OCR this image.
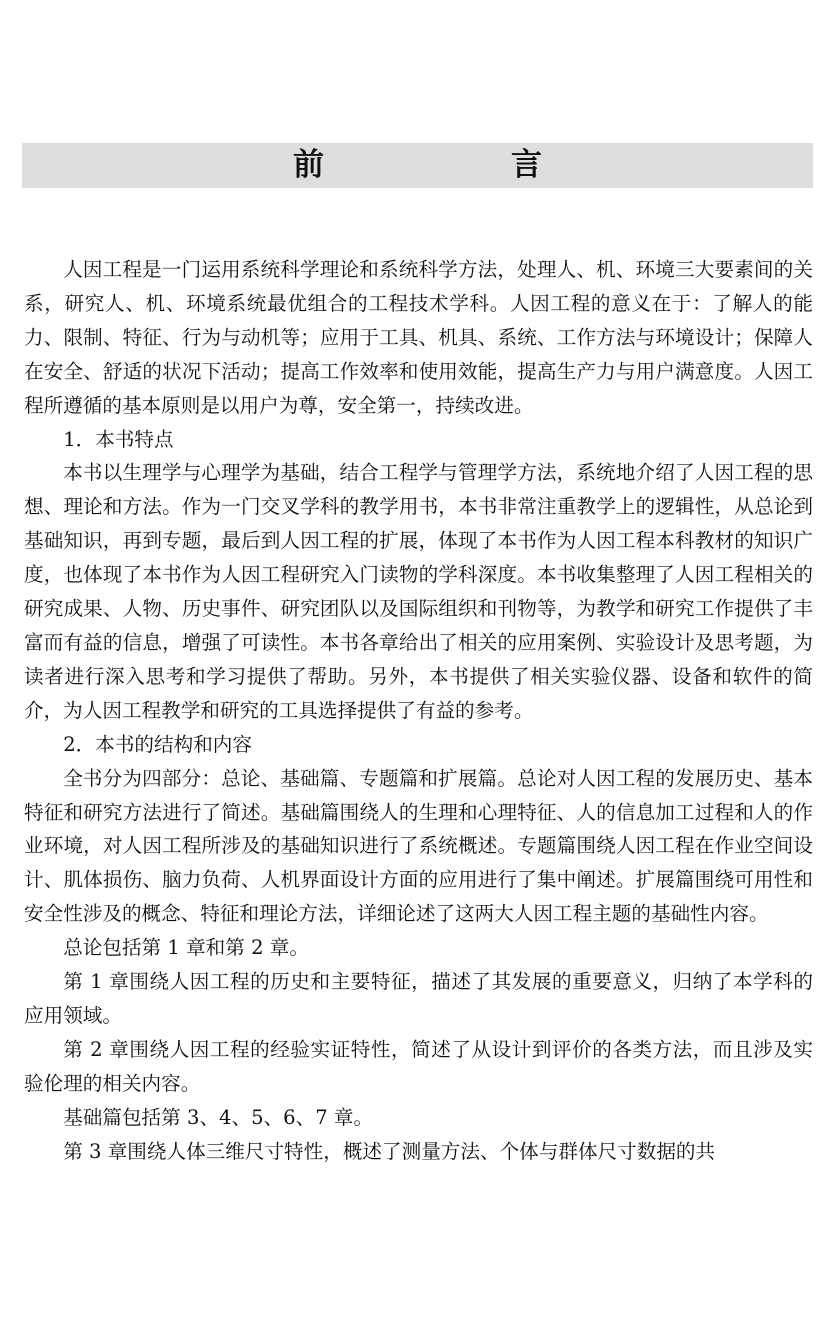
前　言

人因工程是一门运用系统科学理论和系统科学方法，处理人、机、环境三大要素间的关系，研究人、机、环境系统最优组合的工程技术学科。人因工程的意义在于：了解人的能力、限制、特征、行为与动机等；应用于工具、机具、系统、工作方法与环境设计；保障人在安全、舒适的状况下活动；提高工作效率和使用效能，提高生产力与用户满意度。人因工程所遵循的基本原则是以用户为尊，安全第一，持续改进。

1．本书特点

本书以生理学与心理学为基础，结合工程学与管理学方法，系统地介绍了人因工程的思想、理论和方法。作为一门交叉学科的教学用书，本书非常注重教学上的逻辑性，从总论到基础知识，再到专题，最后到人因工程的扩展，体现了本书作为人因工程本科教材的知识广度，也体现了本书作为人因工程研究入门读物的学科深度。本书收集整理了人因工程相关的研究成果、人物、历史事件、研究团队以及国际组织和刊物等，为教学和研究工作提供了丰富而有益的信息，增强了可读性。本书各章给出了相关的应用案例、实验设计及思考题，为读者进行深入思考和学习提供了帮助。另外，本书提供了相关实验仪器、设备和软件的简介，为人因工程教学和研究的工具选择提供了有益的参考。

2．本书的结构和内容

全书分为四部分：总论、基础篇、专题篇和扩展篇。总论对人因工程的发展历史、基本特征和研究方法进行了简述。基础篇围绕人的生理和心理特征、人的信息加工过程和人的作业环境，对人因工程所涉及的基础知识进行了系统概述。专题篇围绕人因工程在作业空间设计、肌体损伤、脑力负荷、人机界面设计方面的应用进行了集中阐述。扩展篇围绕可用性和安全性涉及的概念、特征和理论方法，详细论述了这两大人因工程主题的基础性内容。

总论包括第 1 章和第 2 章。

第 1 章围绕人因工程的历史和主要特征，描述了其发展的重要意义，归纳了本学科的应用领域。

第 2 章围绕人因工程的经验实证特性，简述了从设计到评价的各类方法，而且涉及实验伦理的相关内容。

基础篇包括第 3、4、5、6、7 章。

第 3 章围绕人体三维尺寸特性，概述了测量方法、个体与群体尺寸数据的共
